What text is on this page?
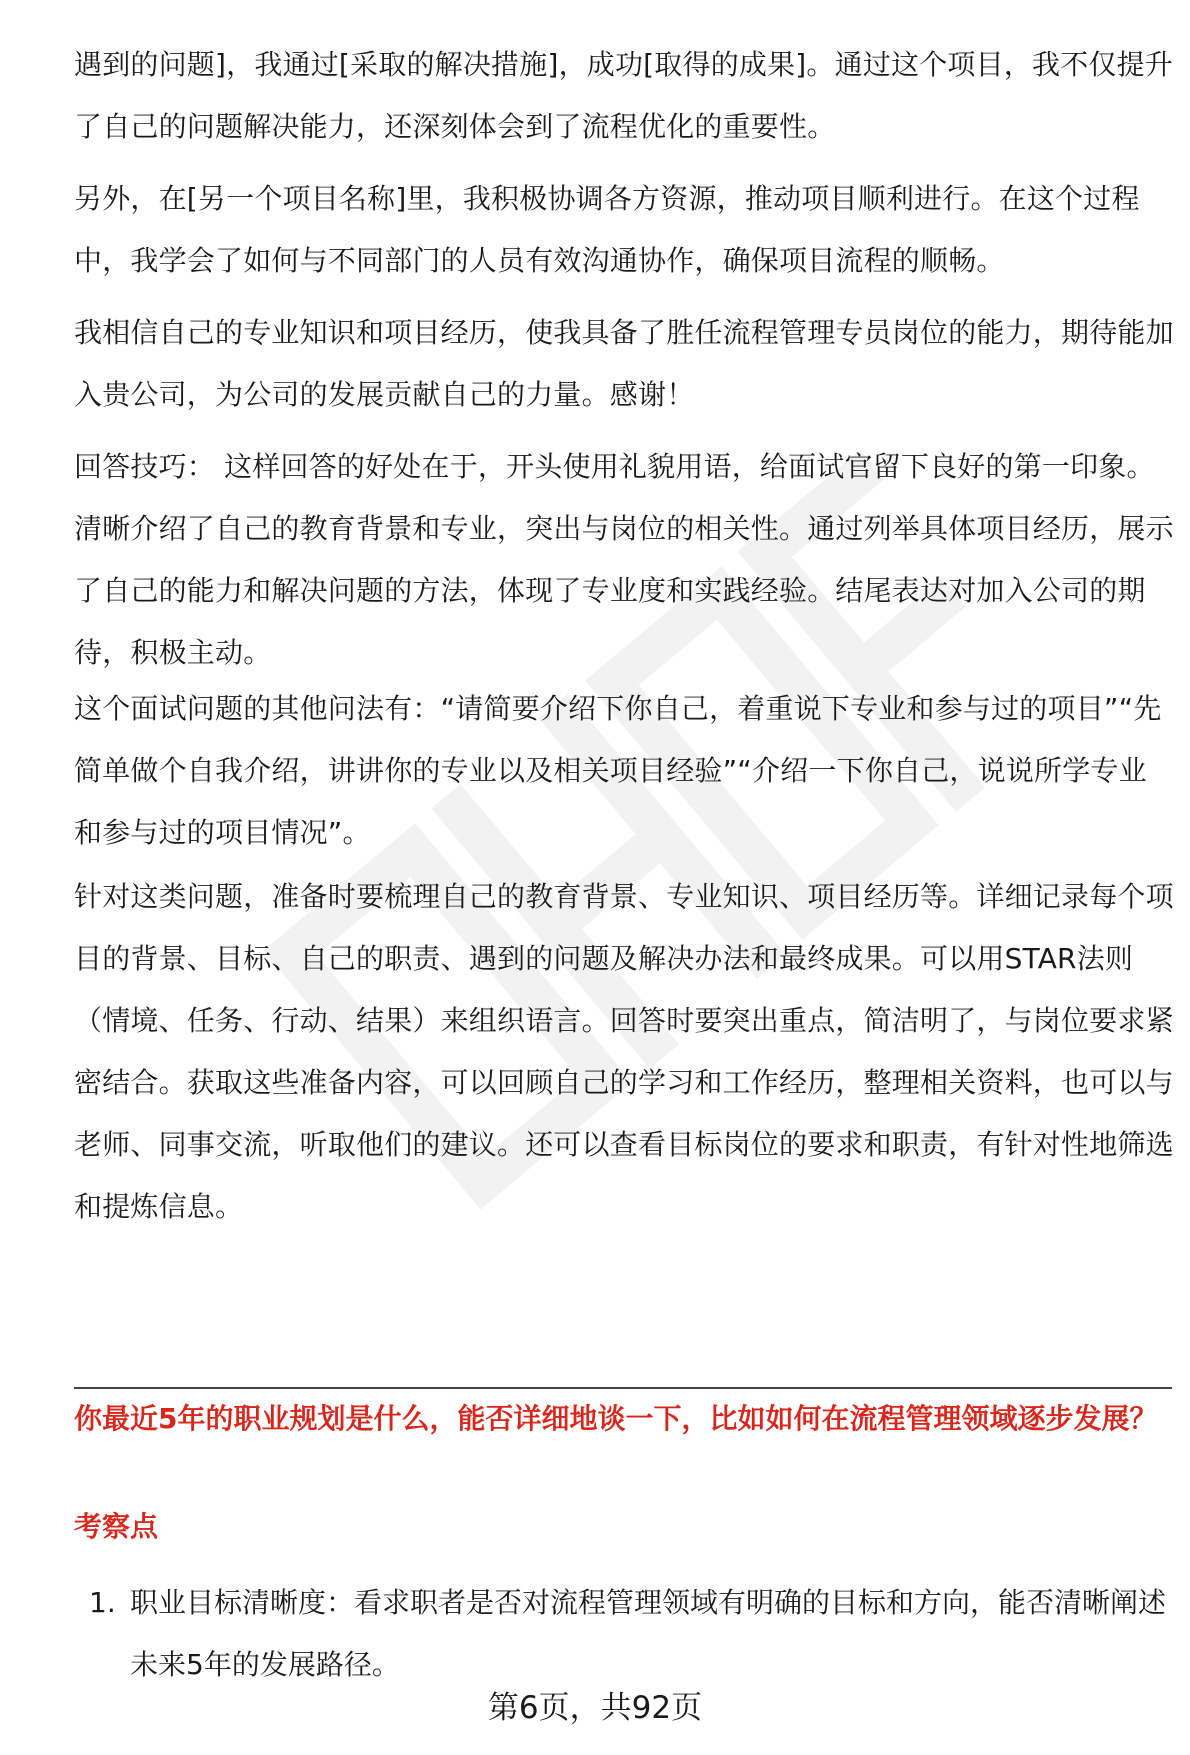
遇到的问题]，我通过[采取的解决措施]，成功[取得的成果]。通过这个项目，我不仅提升了自己的问题解决能力，还深刻体会到了流程优化的重要性。

另外，在[另一个项目名称]里，我积极协调各方资源，推动项目顺利进行。在这个过程中，我学会了如何与不同部门的人员有效沟通协作，确保项目流程的顺畅。

我相信自己的专业知识和项目经历，使我具备了胜任流程管理专员岗位的能力，期待能加入贵公司，为公司的发展贡献自己的力量。感谢！

回答技巧： 这样回答的好处在于，开头使用礼貌用语，给面试官留下良好的第一印象。清晰介绍了自己的教育背景和专业，突出与岗位的相关性。通过列举具体项目经历，展示了自己的能力和解决问题的方法，体现了专业度和实践经验。结尾表达对加入公司的期待，积极主动。

这个面试问题的其他问法有：“请简要介绍下你自己，着重说下专业和参与过的项目”“先简单做个自我介绍，讲讲你的专业以及相关项目经验”“介绍一下你自己，说说所学专业和参与过的项目情况”。

针对这类问题，准备时要梳理自己的教育背景、专业知识、项目经历等。详细记录每个项目的背景、目标、自己的职责、遇到的问题及解决办法和最终成果。可以用STAR法则（情境、任务、行动、结果）来组织语言。回答时要突出重点，简洁明了，与岗位要求紧密结合。获取这些准备内容，可以回顾自己的学习和工作经历，整理相关资料，也可以与老师、同事交流，听取他们的建议。还可以查看目标岗位的要求和职责，有针对性地筛选和提炼信息。

你最近5年的职业规划是什么，能否详细地谈一下，比如如何在流程管理领域逐步发展？
考察点
1. 职业目标清晰度：看求职者是否对流程管理领域有明确的目标和方向，能否清晰阐述未来5年的发展路径。
第6页，共92页
